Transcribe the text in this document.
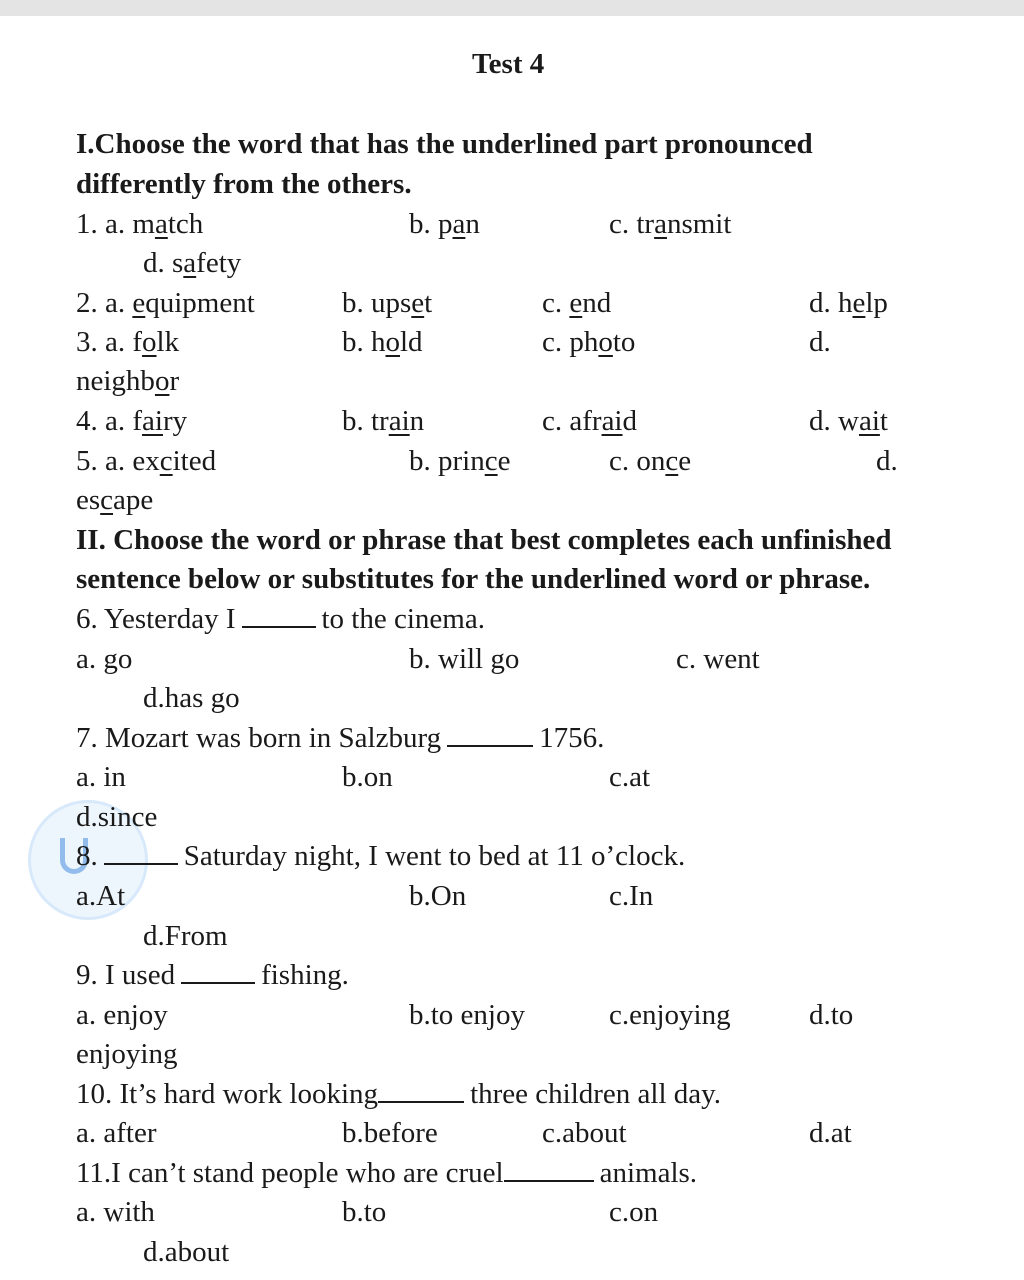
Test 4
I.Choose the word that has the underlined part pronounced
differently from the others.
1. a. match	b. pan	c. transmit
d. safety
2. a. equipment	b. upset	c. end	d. help
3. a. folk	b. hold	c. photo	d.
neighbor
4. a. fairy	b. train	c. afraid	d. wait
5. a. excited	b. prince	c. once	d.
escape
II. Choose the word or phrase that best completes each unfinished
sentence below or substitutes for the underlined word or phrase.
6. Yesterday I	to the cinema.
a. go	b. will go	c. went
d.has go
7. Mozart was born in Salzburg	1756.
a. in	b.on	c.at
d.since
8.	Saturday night, I went to bed at 11 o’clock.
a.At	b.On	c.In
d.From
9. I used	fishing.
a. enjoy	b.to enjoy	c.enjoying	d.to
enjoying
10. It’s hard work looking	three children all day.
a. after	b.before	c.about	d.at
11.I can’t stand people who are cruel	animals.
a. with	b.to	c.on
d.about
